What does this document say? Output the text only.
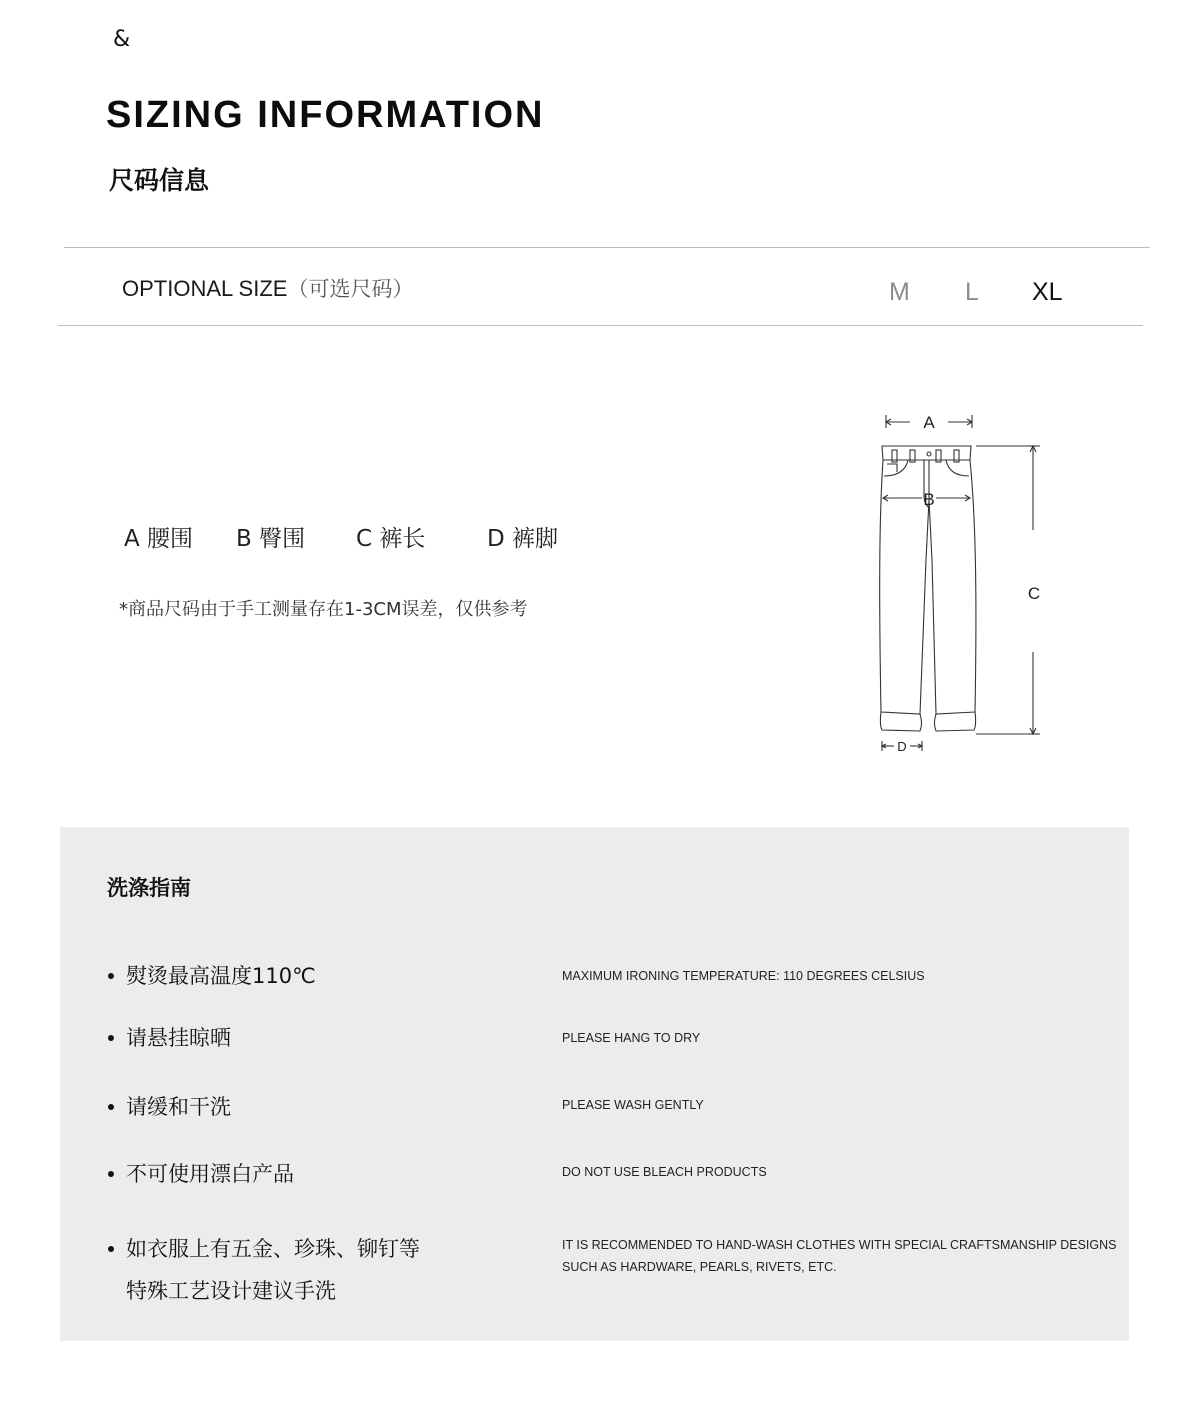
&
SIZING INFORMATION
尺码信息
OPTIONAL SIZE（可选尺码）	M L XL
A 腰围 B 臀围 C 裤长	D 裤脚
*商品尺码由于手工测量存在1-3CM误差，仅供参考
A
B
C
D
洗涤指南
熨烫最高温度110℃	MAXIMUM IRONING TEMPERATURE: 110 DEGREES CELSIUS
请悬挂晾晒	PLEASE HANG TO DRY
请缓和干洗	PLEASE WASH GENTLY
不可使用漂白产品	DO NOT USE BLEACH PRODUCTS
如衣服上有五金、珍珠、铆钉等
特殊工艺设计建议手洗
IT IS RECOMMENDED TO HAND-WASH CLOTHES WITH SPECIAL CRAFTSMANSHIP DESIGNS
SUCH AS HARDWARE, PEARLS, RIVETS, ETC.
